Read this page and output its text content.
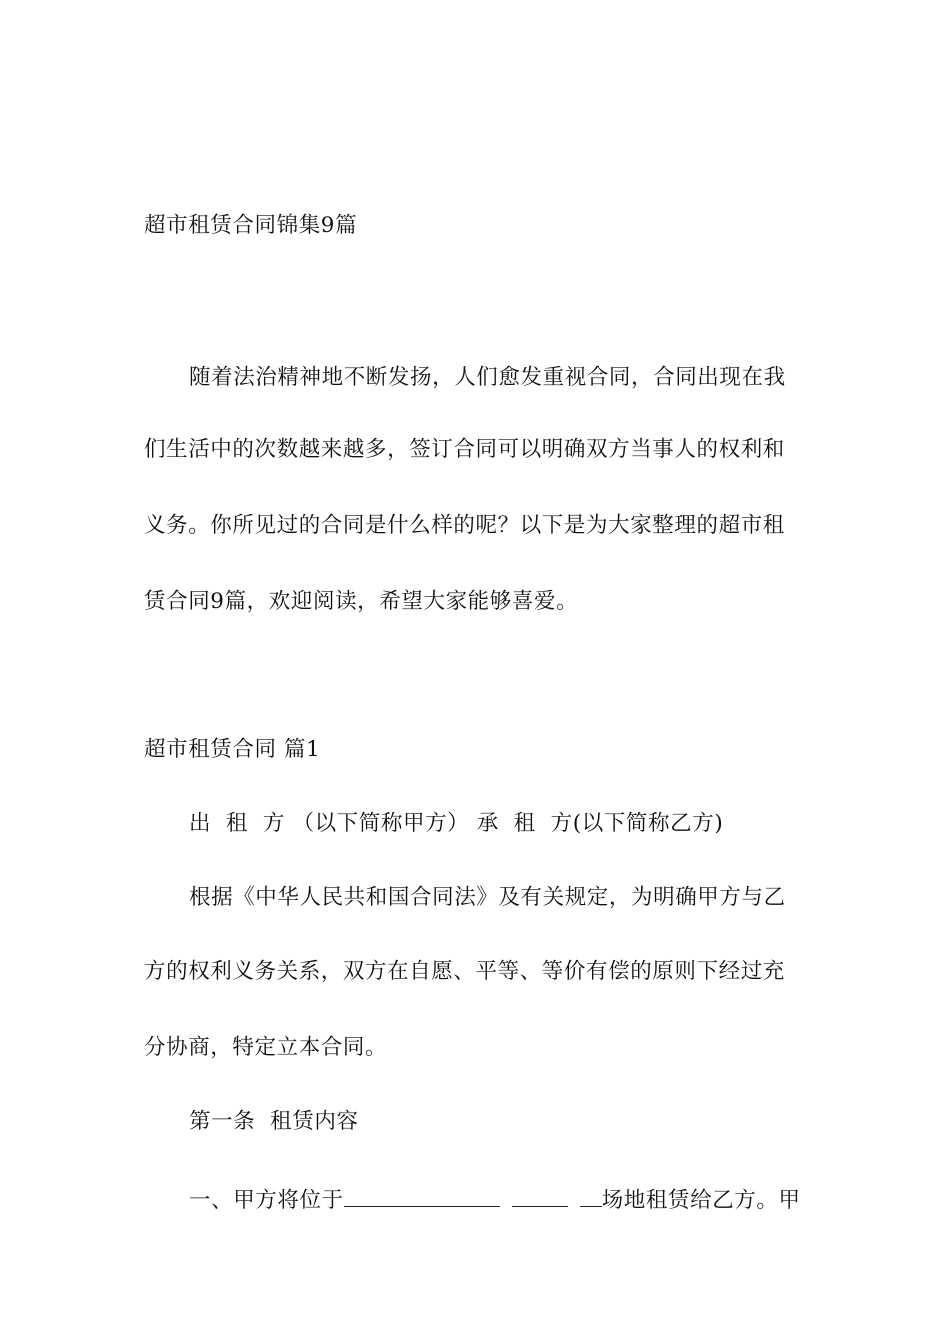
超市租赁合同锦集9篇
随着法治精神地不断发扬，人们愈发重视合同，合同出现在我
们生活中的次数越来越多，签订合同可以明确双方当事人的权利和
义务。你所见过的合同是什么样的呢？以下是为大家整理的超市租
赁合同9篇，欢迎阅读，希望大家能够喜爱。
超市租赁合同 篇1
出  租  方 （以下简称甲方） 承  租  方(以下简称乙方)
根据《中华人民共和国合同法》及有关规定，为明确甲方与乙
方的权利义务关系，双方在自愿、平等、等价有偿的原则下经过充
分协商，特定立本合同。
第一条  租赁内容
一、甲方将位于	场地租赁给乙方。甲
